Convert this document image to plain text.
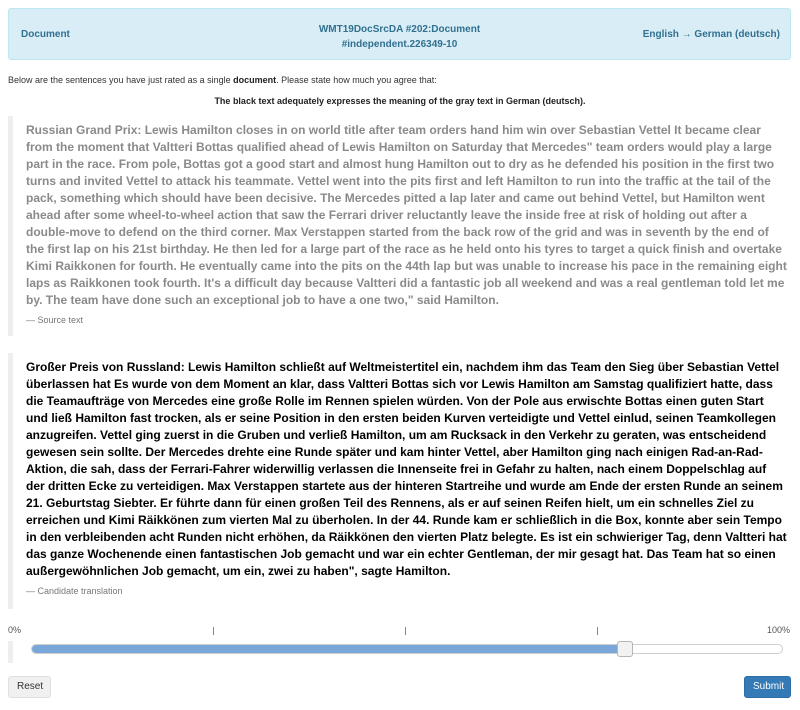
Document	WMT19DocSrcDA #202:Document
#independent.226349-10
English → German (deutsch)
Below are the sentences you have just rated as a single document. Please state how much you agree that:
The black text adequately expresses the meaning of the gray text in German (deutsch).
Russian Grand Prix: Lewis Hamilton closes in on world title after team orders hand him win over Sebastian Vettel It became clear from the moment that Valtteri Bottas qualified ahead of Lewis Hamilton on Saturday that Mercedes" team orders would play a large part in the race. From pole, Bottas got a good start and almost hung Hamilton out to dry as he defended his position in the first two turns and invited Vettel to attack his teammate. Vettel went into the pits first and left Hamilton to run into the traffic at the tail of the pack, something which should have been decisive. The Mercedes pitted a lap later and came out behind Vettel, but Hamilton went ahead after some wheel-to-wheel action that saw the Ferrari driver reluctantly leave the inside free at risk of holding out after a double-move to defend on the third corner. Max Verstappen started from the back row of the grid and was in seventh by the end of the first lap on his 21st birthday. He then led for a large part of the race as he held onto his tyres to target a quick finish and overtake Kimi Raikkonen for fourth. He eventually came into the pits on the 44th lap but was unable to increase his pace in the remaining eight laps as Raikkonen took fourth. It's a difficult day because Valtteri did a fantastic job all weekend and was a real gentleman told let me by. The team have done such an exceptional job to have a one two," said Hamilton.
— Source text
Großer Preis von Russland: Lewis Hamilton schließt auf Weltmeistertitel ein, nachdem ihm das Team den Sieg über Sebastian Vettel überlassen hat Es wurde von dem Moment an klar, dass Valtteri Bottas sich vor Lewis Hamilton am Samstag qualifiziert hatte, dass die Teamaufträge von Mercedes eine große Rolle im Rennen spielen würden. Von der Pole aus erwischte Bottas einen guten Start und ließ Hamilton fast trocken, als er seine Position in den ersten beiden Kurven verteidigte und Vettel einlud, seinen Teamkollegen anzugreifen. Vettel ging zuerst in die Gruben und verließ Hamilton, um am Rucksack in den Verkehr zu geraten, was entscheidend gewesen sein sollte. Der Mercedes drehte eine Runde später und kam hinter Vettel, aber Hamilton ging nach einigen Rad-an-Rad-Aktion, die sah, dass der Ferrari-Fahrer widerwillig verlassen die Innenseite frei in Gefahr zu halten, nach einem Doppelschlag auf der dritten Ecke zu verteidigen. Max Verstappen startete aus der hinteren Startreihe und wurde am Ende der ersten Runde an seinem 21. Geburtstag Siebter. Er führte dann für einen großen Teil des Rennens, als er auf seinen Reifen hielt, um ein schnelles Ziel zu erreichen und Kimi Räikkönen zum vierten Mal zu überholen. In der 44. Runde kam er schließlich in die Box, konnte aber sein Tempo in den verbleibenden acht Runden nicht erhöhen, da Räikkönen den vierten Platz belegte. Es ist ein schwieriger Tag, denn Valtteri hat das ganze Wochenende einen fantastischen Job gemacht und war ein echter Gentleman, der mir gesagt hat. Das Team hat so einen außergewöhnlichen Job gemacht, um ein, zwei zu haben", sagte Hamilton.
— Candidate translation
0%	100%
Reset	Submit
